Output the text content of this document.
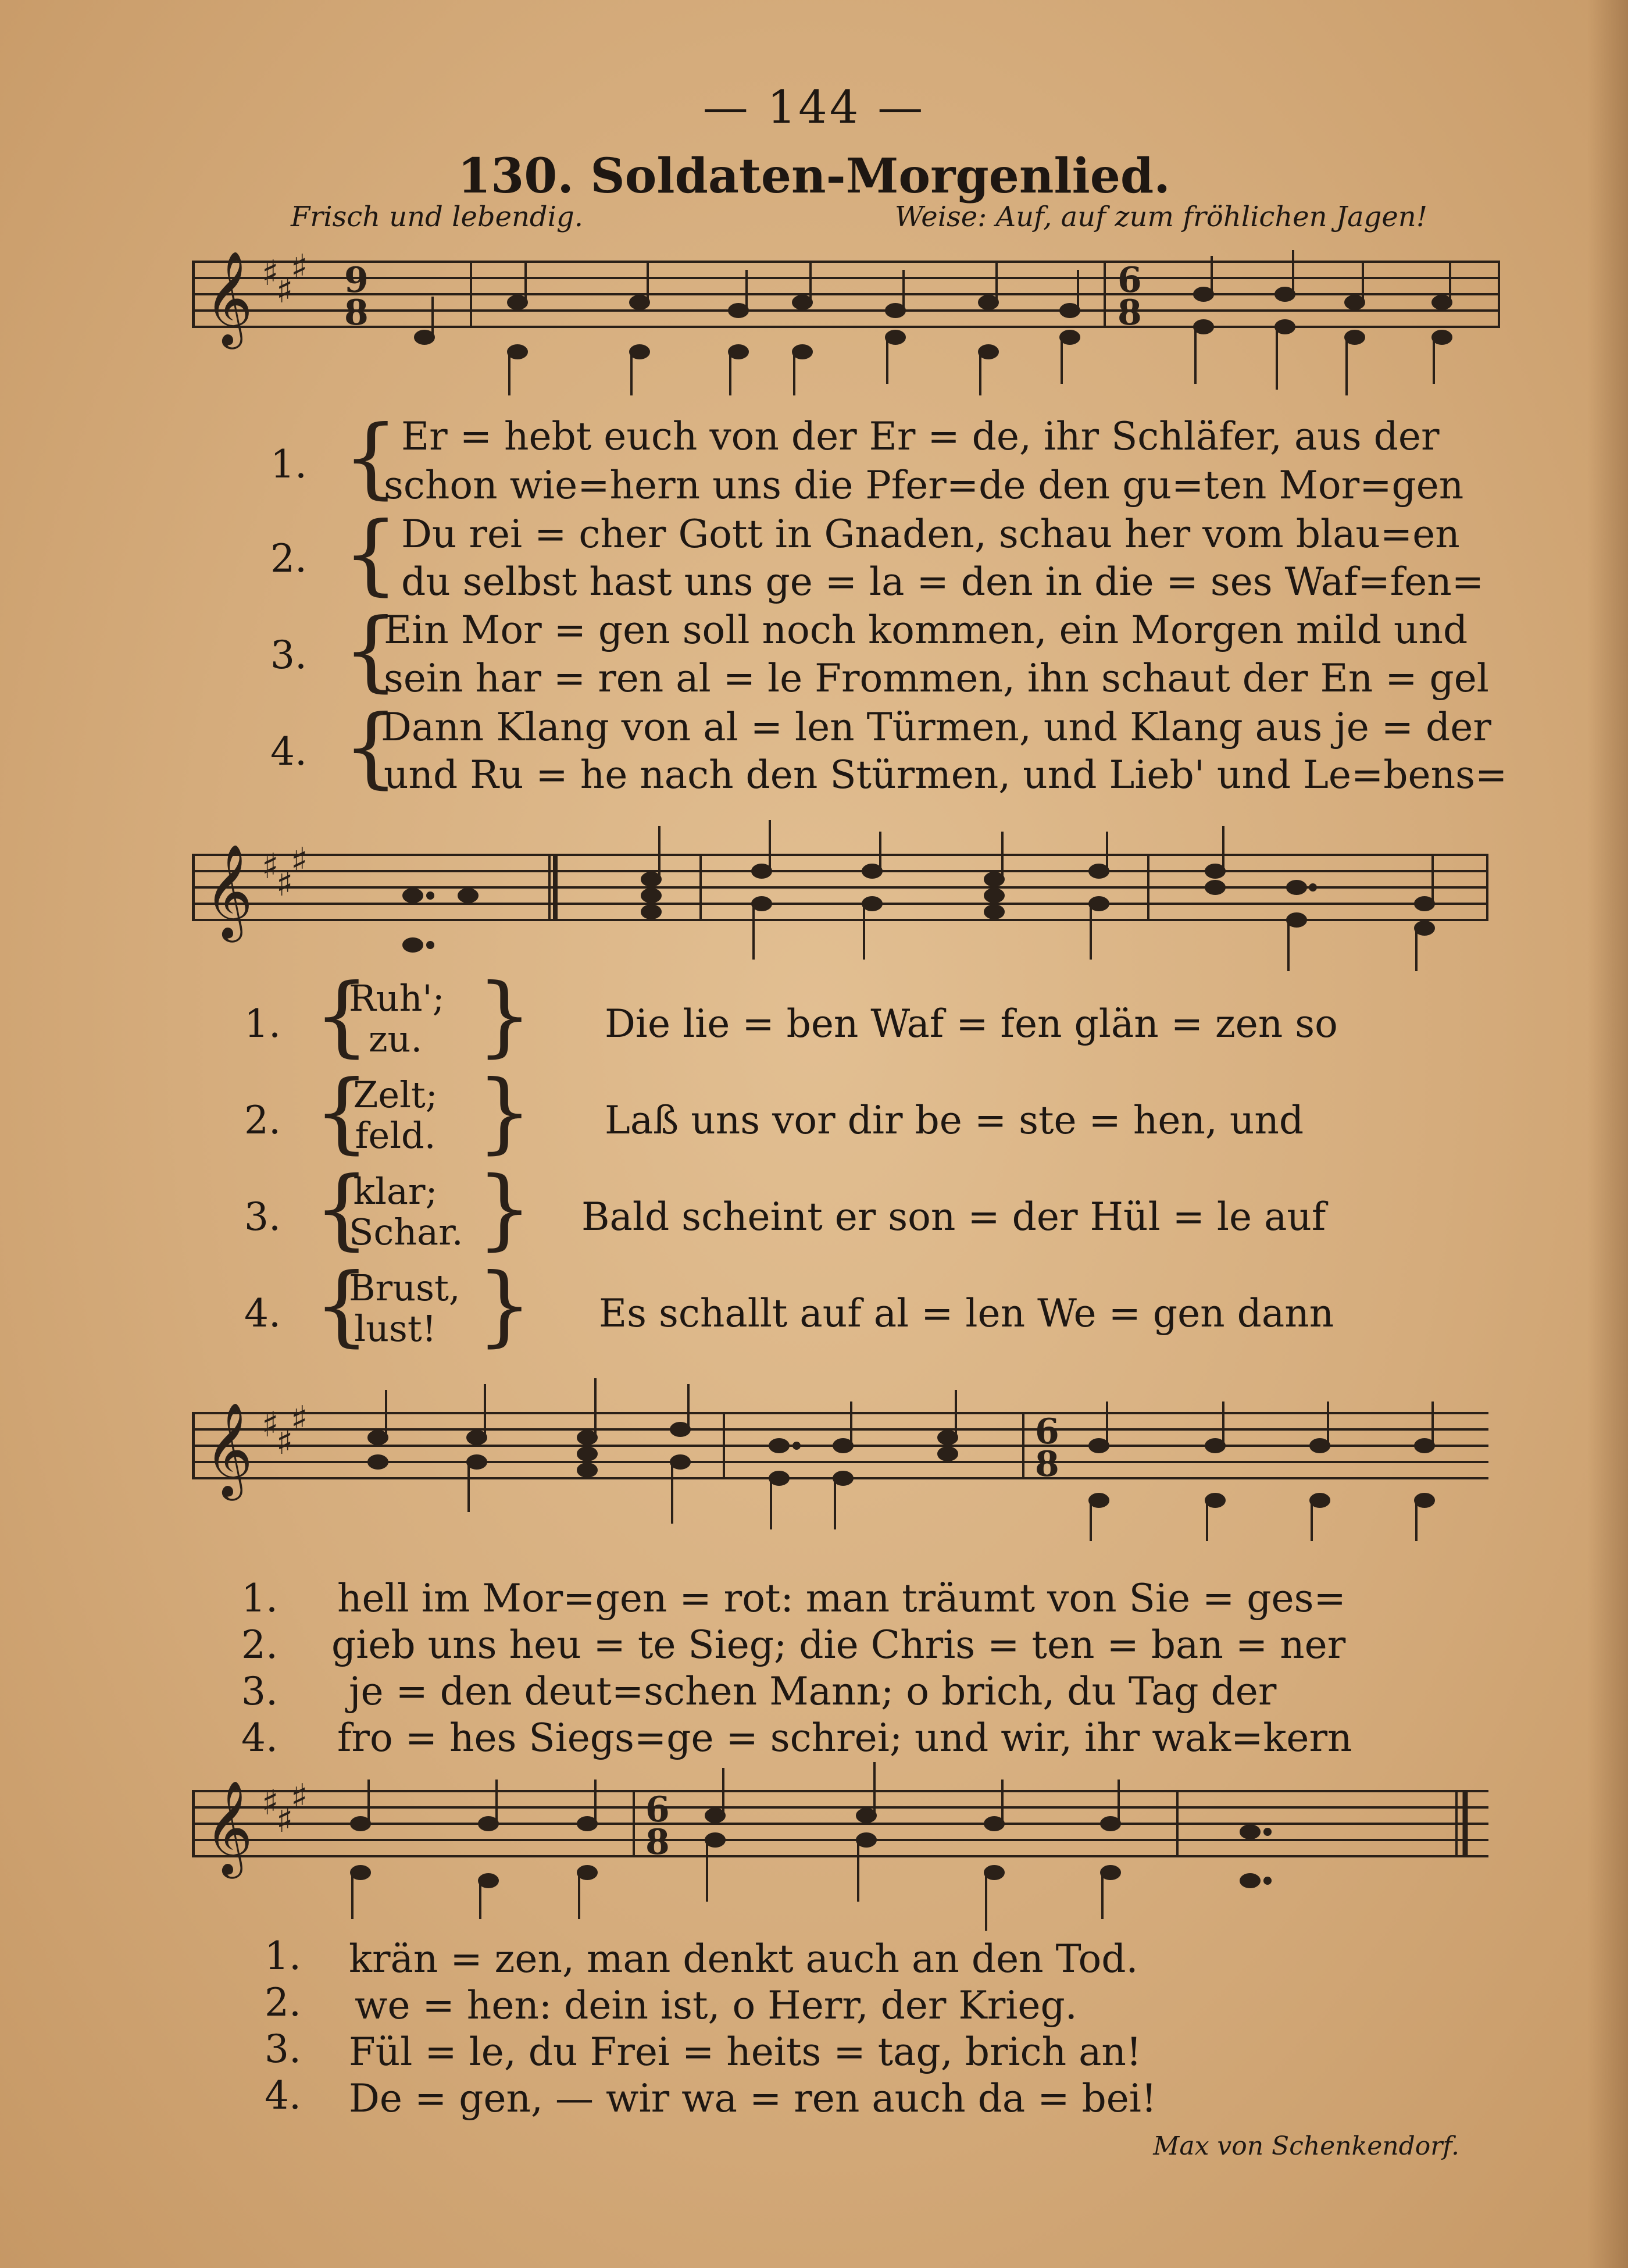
— 144 —
130. Soldaten-Morgenlied.
Frisch und lebendig.	Weise: Auf, auf zum fröhlichen Jagen!
𝄞 ♯
♯
♯ 9
8
6
8
1. { Er = hebt euch von der Er = de, ihr Schläfer, aus der
schon wie=hern uns die Pfer=de den gu=ten Mor=gen
2. { Du rei = cher Gott in Gnaden, schau her vom blau=en
du selbst hast uns ge = la = den in die = ses Waf=fen=
3. {
Ein Mor = gen soll noch kommen, ein Morgen mild und
sein har = ren al = le Frommen, ihn schaut der En = gel
4. {
Dann Klang von al = len Türmen, und Klang aus je = der
und Ru = he nach den Stürmen, und Lieb' und Le=bens=
𝄞 ♯
♯
♯
1. {
Ruh';
zu. } Die lie = ben Waf = fen glän = zen so
2. {
Zelt;
feld. } Laß uns vor dir be = ste = hen, und
3. {
klar;
Schar. } Bald scheint er son = der Hül = le auf
4. {
Brust,
lust! } Es schallt auf al = len We = gen dann
𝄞 ♯
♯
♯	6
8
1. hell im Mor=gen = rot: man träumt von Sie = ges=
2. gieb uns heu = te Sieg; die Chris = ten = ban = ner
3. je = den deut=schen Mann; o brich, du Tag der
4. fro = hes Siegs=ge = schrei; und wir, ihr wak=kern
𝄞 ♯
♯
♯	6
8
1. krän = zen, man denkt auch an den Tod.
2. we = hen: dein ist, o Herr, der Krieg.
3. Fül = le, du Frei = heits = tag, brich an!
4. De = gen, — wir wa = ren auch da = bei!
Max von Schenkendorf.
